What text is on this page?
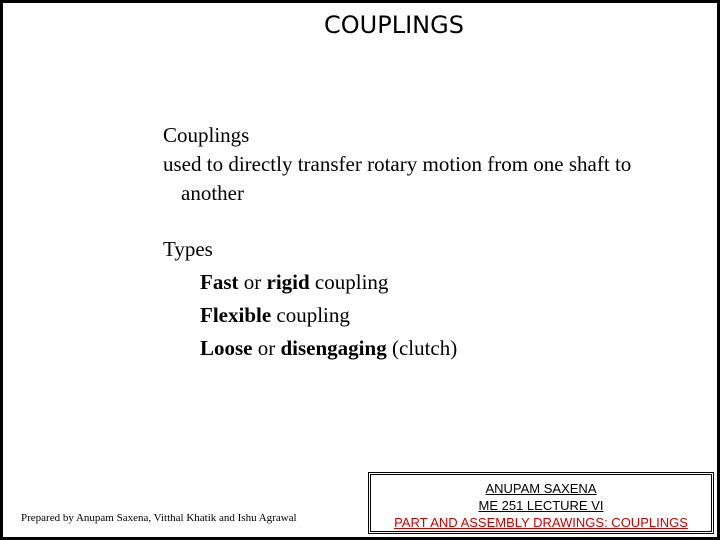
COUPLINGS
Couplings
used to directly transfer rotary motion from one shaft to
another
Types
Fast or rigid coupling
Flexible coupling
Loose or disengaging (clutch)
Prepared by Anupam Saxena, Vitthal Khatik and Ishu Agrawal
ANUPAM SAXENA
ME 251 LECTURE VI
PART AND ASSEMBLY DRAWINGS: COUPLINGS
